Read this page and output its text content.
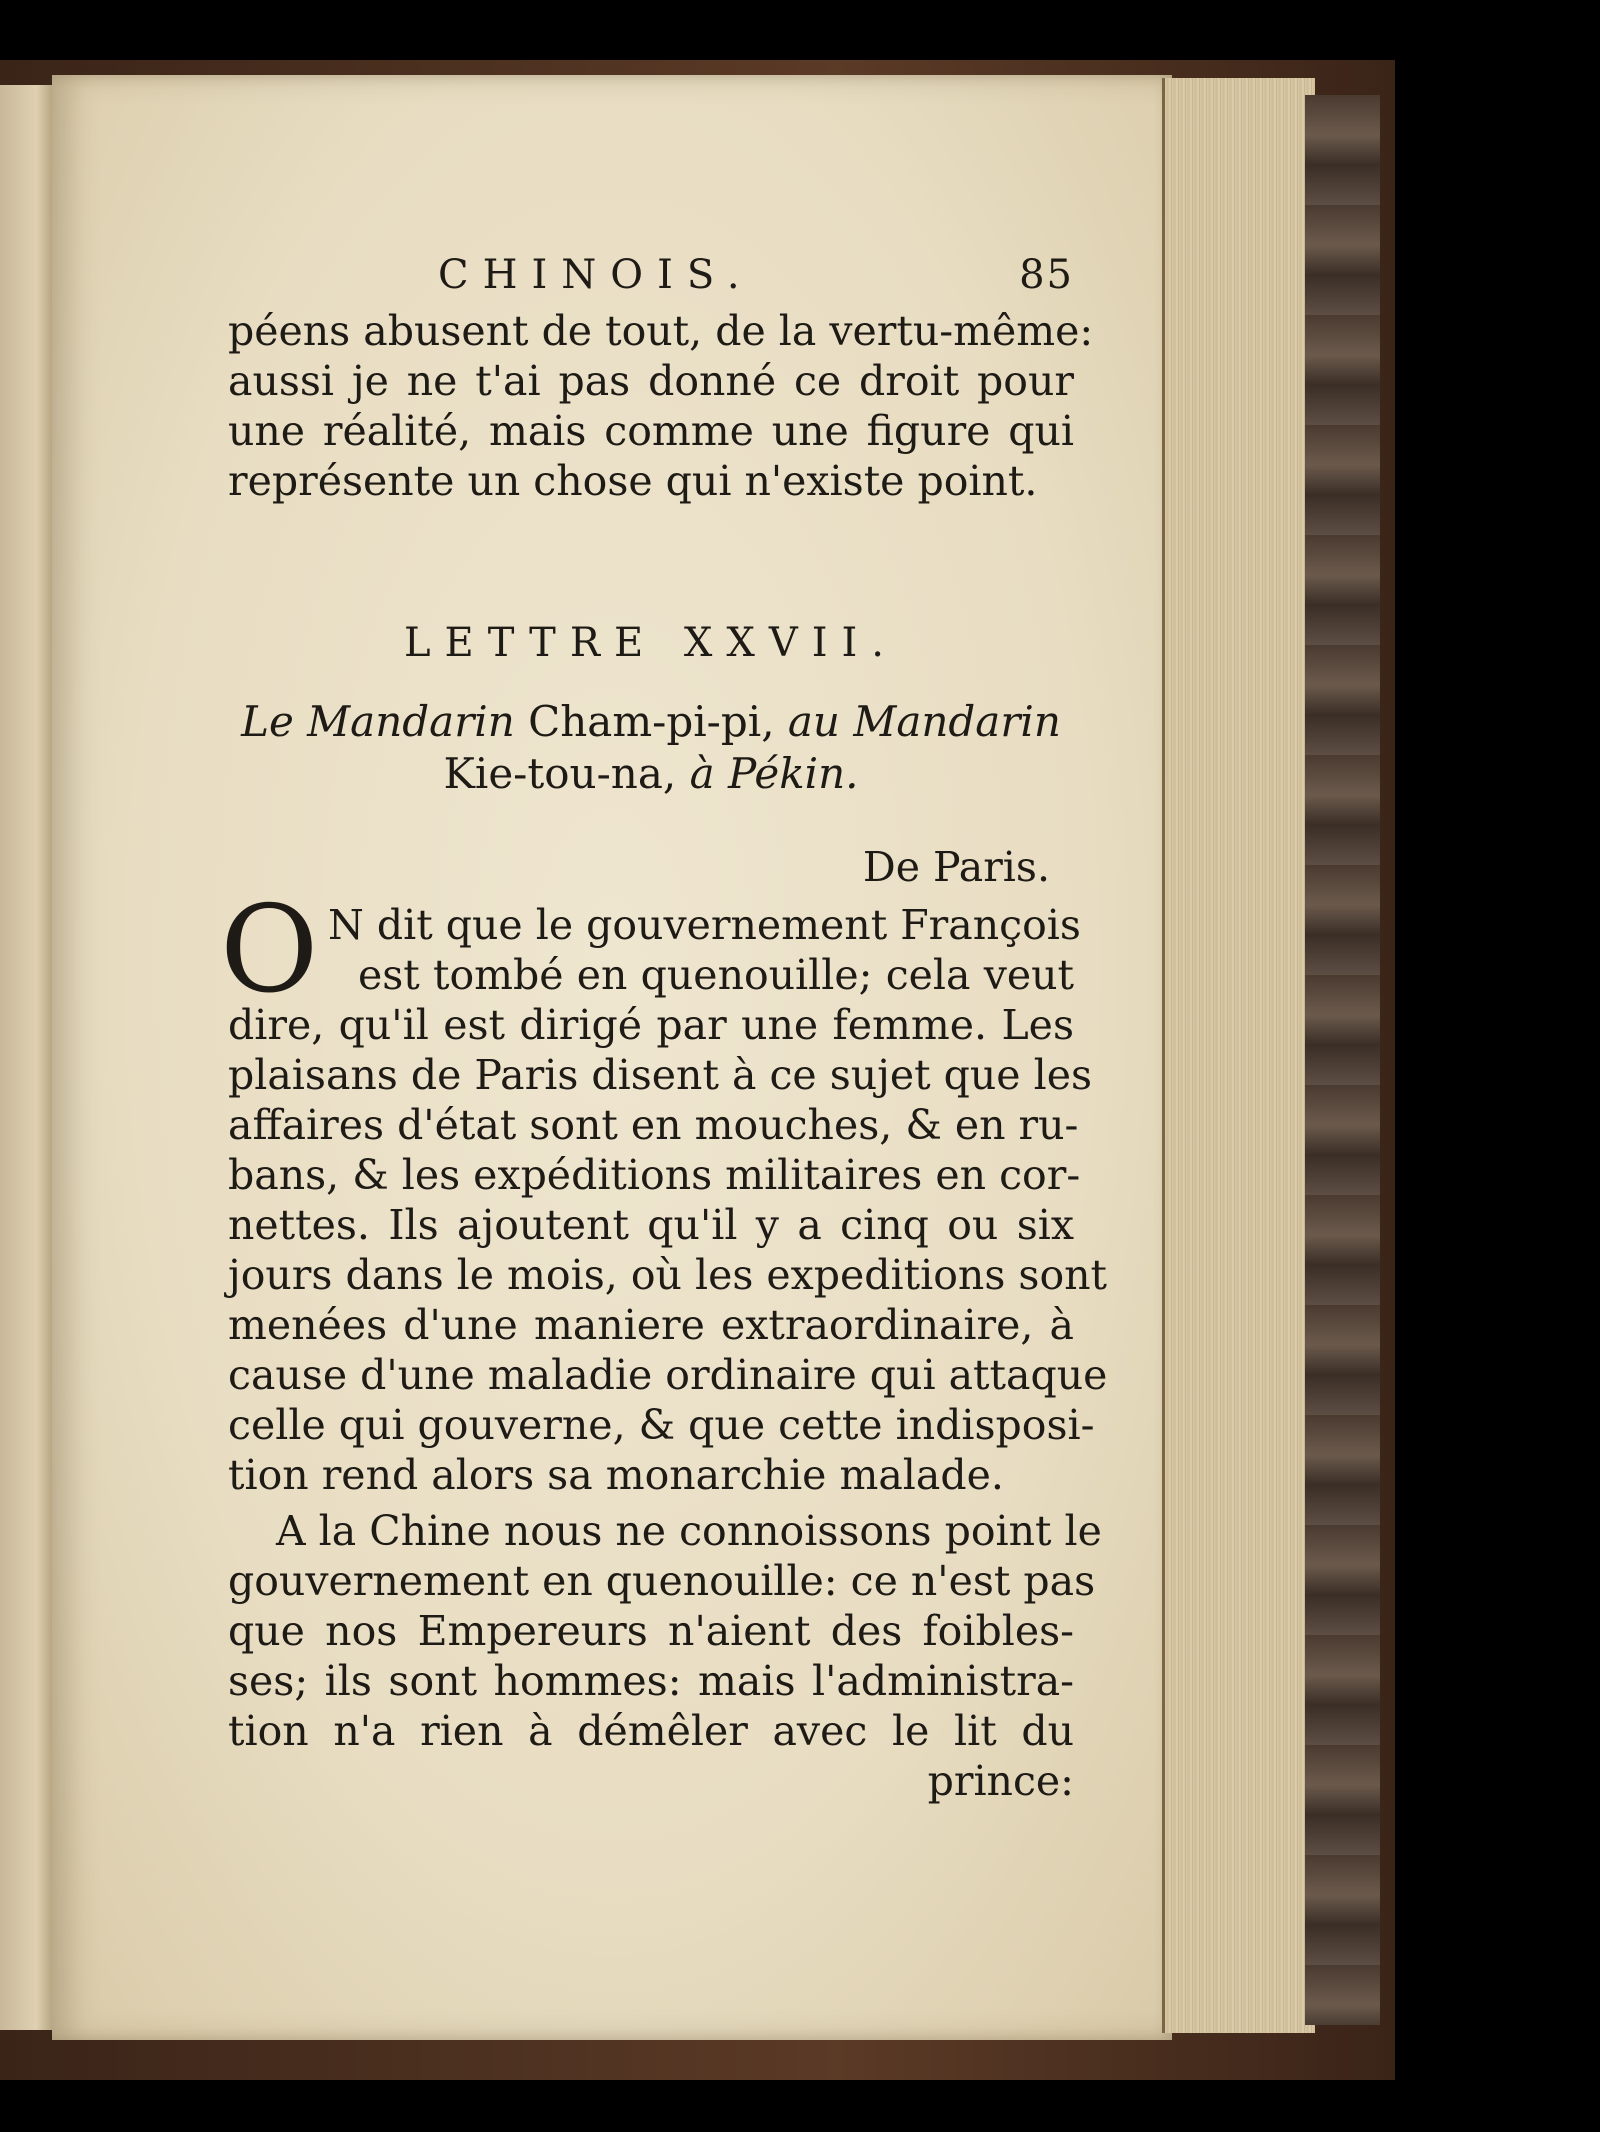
CHINOIS.	85
péens abusent de tout, de la vertu-même:
aussi je ne t'ai pas donné ce droit pour
une réalité, mais comme une figure qui
représente un chose qui n'existe point.
LETTRE XXVII.
Le Mandarin Cham-pi-pi, au Mandarin
Kie-tou-na, à Pékin.
De Paris.
O N dit que le gouvernement François
est tombé en quenouille; cela veut
dire, qu'il est dirigé par une femme. Les
plaisans de Paris disent à ce sujet que les
affaires d'état sont en mouches, & en ru-
bans, & les expéditions militaires en cor-
nettes. Ils ajoutent qu'il y a cinq ou six
jours dans le mois, où les expeditions sont
menées d'une maniere extraordinaire, à
cause d'une maladie ordinaire qui attaque
celle qui gouverne, & que cette indisposi-
tion rend alors sa monarchie malade.
A la Chine nous ne connoissons point le
gouvernement en quenouille: ce n'est pas
que nos Empereurs n'aient des foibles-
ses; ils sont hommes: mais l'administra-
tion n'a rien à démêler avec le lit du
prince:
